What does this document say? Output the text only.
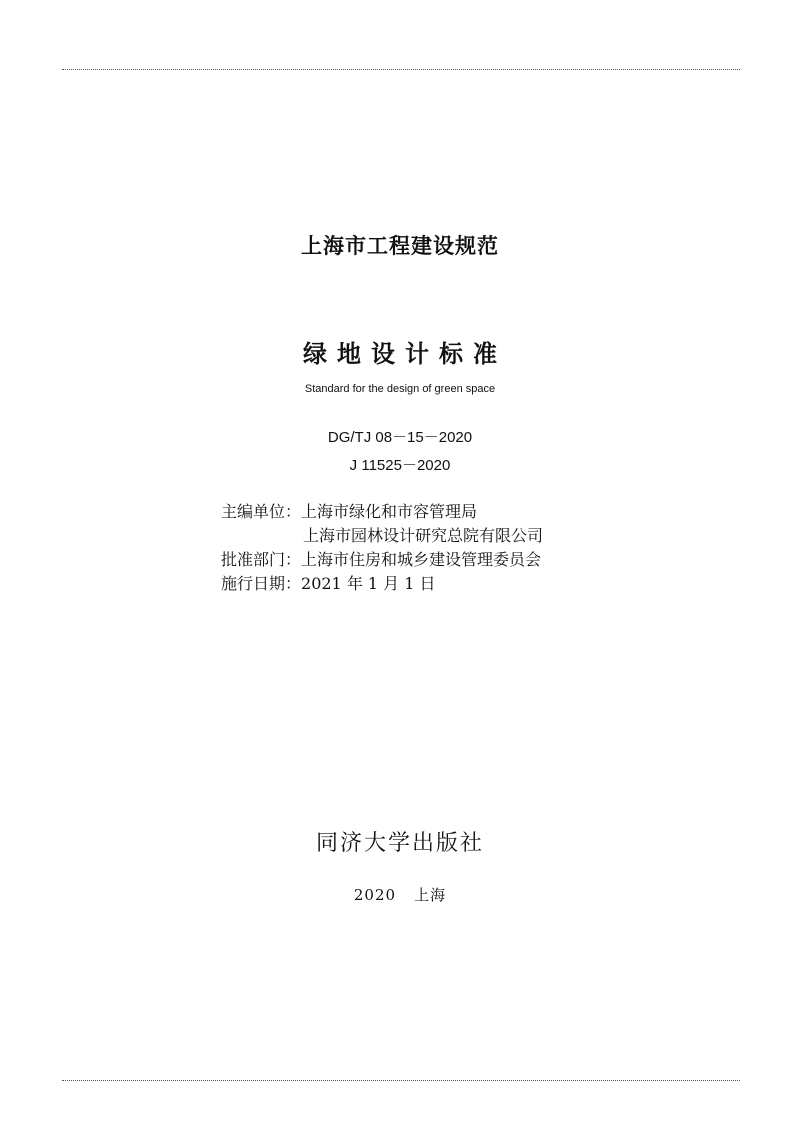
上海市工程建设规范
绿地设计标准
Standard for the design of green space
DG/TJ 08－15－2020
J 11525－2020
主编单位：上海市绿化和市容管理局
上海市园林设计研究总院有限公司
批准部门：上海市住房和城乡建设管理委员会
施行日期：2021 年 1 月 1 日
同济大学出版社
2020 上海
